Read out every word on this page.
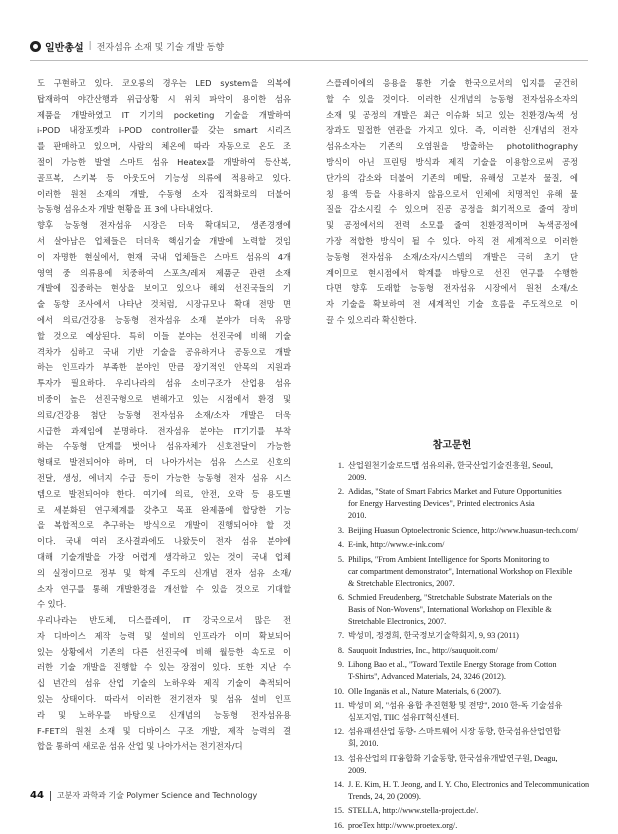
일반총설 | 전자섬유 소재 및 기술 개발 동향
도 구현하고 있다. 코오롱의 경우는 LED system을 의복에
탑재하여 야간산행과 위급상황 시 위치 파악이 용이한 섬유
제품을 개발하였고 IT 기기의 pocketing 기술을 개발하여
i-POD 내장포켓과 i-POD controller를 갖는 smart 시리즈
를 판매하고 있으며, 사람의 체온에 따라 자동으로 온도 조
절이 가능한 발열 스마트 섬유 Heatex를 개발하여 등산복,
골프복, 스키복 등 아웃도어 기능성 의류에 적용하고 있다.
이러한 원천 소재의 개발, 수동형 소자 집적화로의 더불어
능동형 섬유소자 개발 현황을 표 3에 나타내었다.
향후 능동형 전자섬유 시장은 더욱 확대되고, 생존경쟁에
서 살아남은 업체들은 더더욱 핵심기술 개발에 노력할 것임
이 자명한 현실에서, 현재 국내 업체들은 스마트 섬유의 4개
영역 중 의류용에 치중하여 스포츠/레저 제품군 관련 소재
개발에 집중하는 현상을 보이고 있으나 해외 선진국들의 기
술 동향 조사에서 나타난 것처럼, 시장규모나 확대 전망 면
에서 의료/건강용 능동형 전자섬유 소재 분야가 더욱 유망
할 것으로 예상된다. 특히 이들 분야는 선진국에 비해 기술
격차가 심하고 국내 기반 기술을 공유하거나 공동으로 개발
하는 인프라가 부족한 분야인 만큼 장기적인 안목의 지원과
투자가 필요하다. 우리나라의 섬유 소비구조가 산업용 섬유
비중이 높은 선진국형으로 변해가고 있는 시점에서 환경 및
의료/건강용 첨단 능동형 전자섬유 소재/소자 개발은 더욱
시급한 과제임에 분명하다. 전자섬유 분야는 IT기기를 부착
하는 수동형 단계를 벗어나 섬유자체가 신호전달이 가능한
형태로 발전되어야 하며, 더 나아가서는 섬유 스스로 신호의
전달, 생성, 에너지 수급 등이 가능한 능동형 전자 섬유 시스
템으로 발전되어야 한다. 여기에 의료, 안전, 오락 등 용도별
로 세분화된 연구체계를 갖추고 목표 완제품에 합당한 기능
을 복합적으로 추구하는 방식으로 개발이 진행되어야 할 것
이다. 국내 여러 조사결과에도 나왔듯이 전자 섬유 분야에
대해 기술개발을 가장 어렵게 생각하고 있는 것이 국내 업체
의 실정이므로 정부 및 학계 주도의 신개념 전자 섬유 소재/
소자 연구를 통해 개발환경을 개선할 수 있을 것으로 기대할
수 있다.
우리나라는 반도체, 디스플레이, IT 강국으로서 많은 전
자 디바이스 제작 능력 및 설비의 인프라가 이미 확보되어
있는 상황에서 기존의 다른 선진국에 비해 월등한 속도로 이
러한 기술 개발을 진행할 수 있는 장점이 있다. 또한 지난 수
십 년간의 섬유 산업 기술의 노하우와 제직 기술이 축적되어
있는 상태이다. 따라서 이러한 전기전자 및 섬유 설비 인프
라 및 노하우를 바탕으로 신개념의 능동형 전자섬유용
F-FET의 원천 소재 및 디바이스 구조 개발, 제작 능력의 결
합을 통하여 새로운 섬유 산업 및 나아가서는 전기전자/디
스플레이에의 응용을 통한 기술 한국으로서의 입지를 굳건히
할 수 있을 것이다. 이러한 신개념의 능동형 전자섬유소자의
소재 및 공정의 개발은 최근 이슈화 되고 있는 친환경/녹색 성
장과도 밀접한 연관을 가지고 있다. 즉, 이러한 신개념의 전자
섬유소자는 기존의 오염원을 방출하는 photolithography
방식이 아닌 프린팅 방식과 제직 기술을 이용함으로써 공정
단가의 감소와 더불어 기존의 메탈, 유해성 고분자 물질, 에
칭 용액 등을 사용하지 않음으로서 인체에 치명적인 유해 물
질을 감소시킬 수 있으며 진공 공정을 회기적으로 줄여 장비
및 공정에서의 전력 소모를 줄여 친환경적이며 녹색공정에
가장 적합한 방식이 될 수 있다. 아직 전 세계적으로 이러한
능동형 전자섬유 소재/소자/시스템의 개발은 극히 초기 단
계이므로 현시점에서 학계를 바탕으로 선진 연구를 수행한
다면 향후 도래할 능동형 전자섬유 시장에서 원천 소재/소
자 기술을 확보하여 전 세계적인 기술 흐름을 주도적으로 이
끌 수 있으리라 확신한다.
참고문헌
1. 산업원천기술로드맵 섬유의류, 한국산업기술진흥원, Seoul,
2009.
2. Adidas, "State of Smart Fabrics Market and Future Opportunities
for Energy Harvesting Devices", Printed electronics Asia
2010.
3. Beijing Huasun Optoelectronic Science, http://www.huasun-tech.com/
4. E-ink, http://www.e-ink.com/
5. Philips, "From Ambient Intelligence for Sports Monitoring to
car compartment demonstrator", International Workshop on Flexible
& Stretchable Electronics, 2007.
6. Schmied Freudenberg, "Stretchable Substrate Materials on the
Basis of Non-Wovens", International Workshop on Flexible &
Stretchable Electronics, 2007.
7. 박성미, 정경희, 한국정보기술학회지, 9, 93 (2011)
8. Sauquoit Industries, Inc., http://sauquoit.com/
9. Lihong Bao et al., "Toward Textile Energy Storage from Cotton
T-Shirts", Advanced Materials, 24, 3246 (2012).
10. Olle Inganäs et al., Nature Materials, 6 (2007).
11. 박성미 외, "섬유 융합 추진현황 및 전망", 2010 한-독 기술섬유
심포지엄, TIIC 섬유IT혁신센터.
12. 섬유패션산업 동향- 스마트웨어 시장 동향, 한국섬유산업연합
회, 2010.
13. 섬유산업의 IT융합화 기술동향, 한국섬유개발연구원, Deagu,
2009.
14. J. E. Kim, H. T. Jeong, and I. Y. Cho, Electronics and Telecommunication
Trends, 24, 20 (2009).
15. STELLA, http://www.stella-project.de/.
16. proeTex http://www.proetex.org/.
44 고분자 과학과 기술 Polymer Science and Technology
